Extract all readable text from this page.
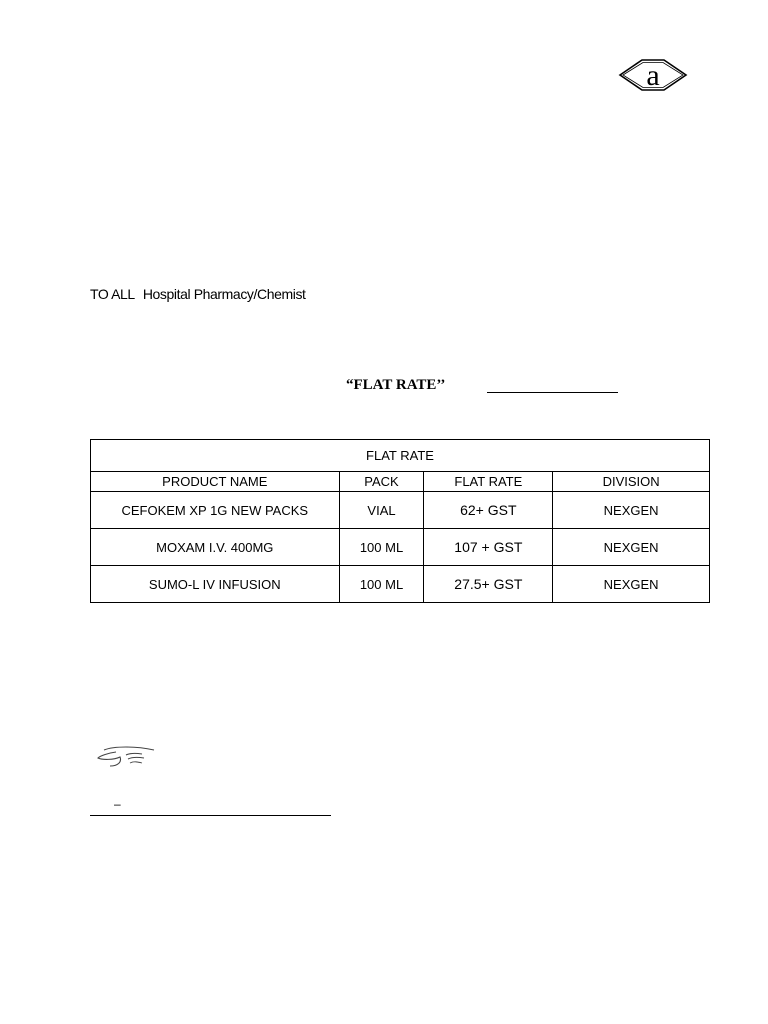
a
TO ALL Hospital Pharmacy/Chemist
“FLAT RATE’’
FLAT RATE			
PRODUCT NAME	PACK	FLAT RATE	DIVISION
CEFOKEM XP 1G NEW PACKS	VIAL	62+ GST	NEXGEN
MOXAM I.V. 400MG	100 ML	107 + GST	NEXGEN
SUMO-L IV INFUSION	100 ML	27.5+ GST	NEXGEN
–
